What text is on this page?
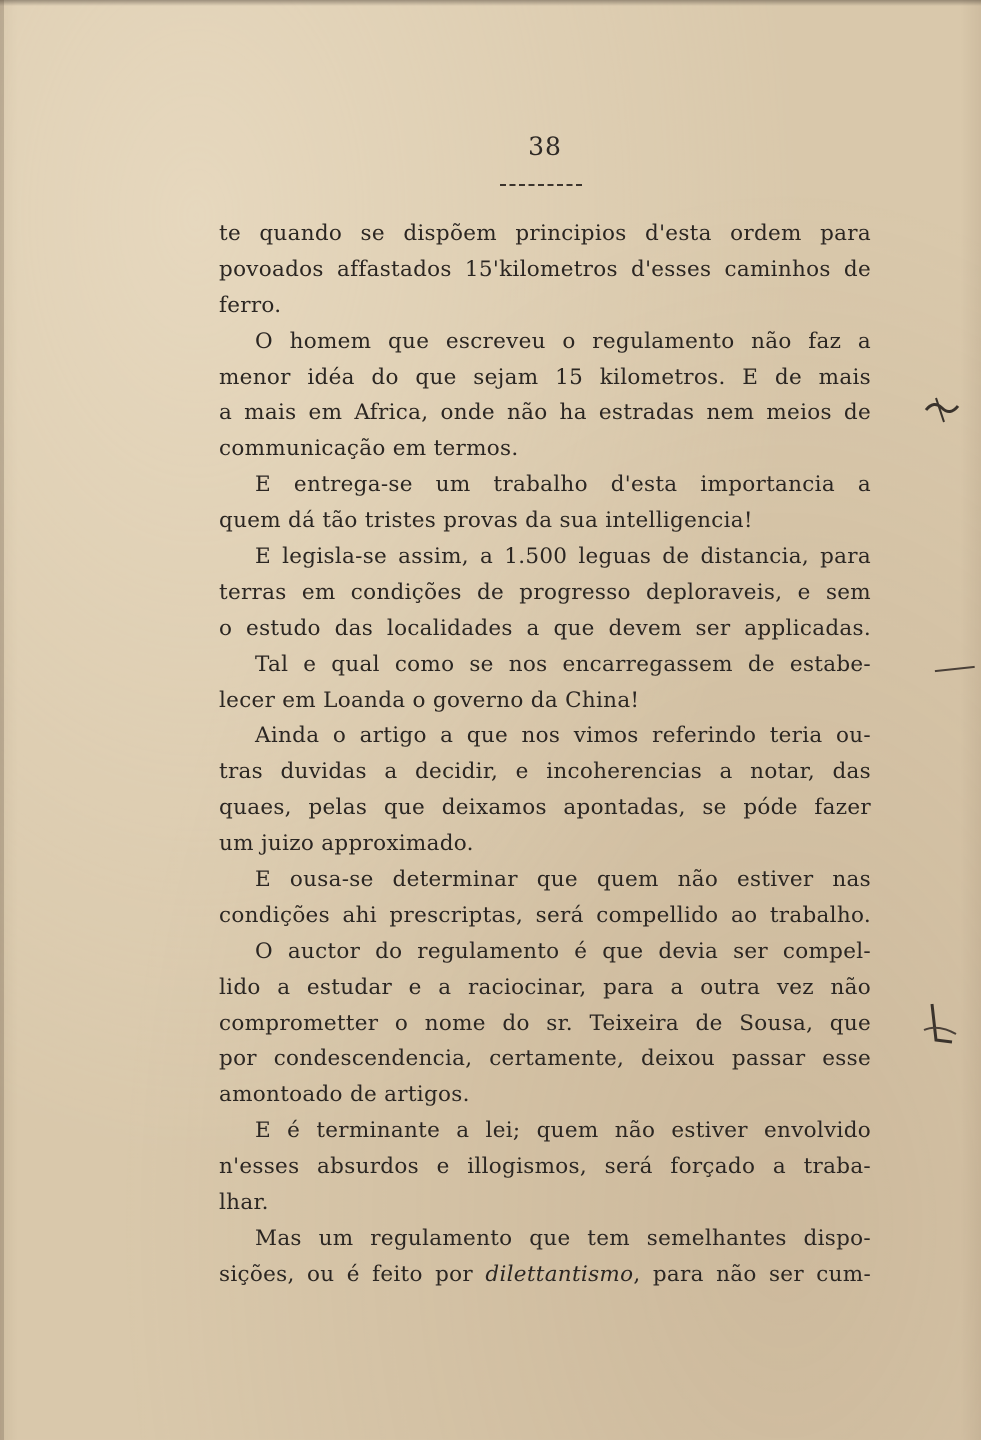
38
te quando se dispõem principios d'esta ordem para
povoados affastados 15'kilometros d'esses caminhos de
ferro.
O homem que escreveu o regulamento não faz a
menor idéa do que sejam 15 kilometros. E de mais
a mais em Africa, onde não ha estradas nem meios de
communicação em termos.
E entrega-se um trabalho d'esta importancia a
quem dá tão tristes provas da sua intelligencia!
E legisla-se assim, a 1.500 leguas de distancia, para
terras em condições de progresso deploraveis, e sem
o estudo das localidades a que devem ser applicadas.
Tal e qual como se nos encarregassem de estabe-
lecer em Loanda o governo da China!
Ainda o artigo a que nos vimos referindo teria ou-
tras duvidas a decidir, e incoherencias a notar, das
quaes, pelas que deixamos apontadas, se póde fazer
um juizo approximado.
E ousa-se determinar que quem não estiver nas
condições ahi prescriptas, será compellido ao trabalho.
O auctor do regulamento é que devia ser compel-
lido a estudar e a raciocinar, para a outra vez não
comprometter o nome do sr. Teixeira de Sousa, que
por condescendencia, certamente, deixou passar esse
amontoado de artigos.
E é terminante a lei; quem não estiver envolvido
n'esses absurdos e illogismos, será forçado a traba-
lhar.
Mas um regulamento que tem semelhantes dispo-
sições, ou é feito por dilettantismo, para não ser cum-
